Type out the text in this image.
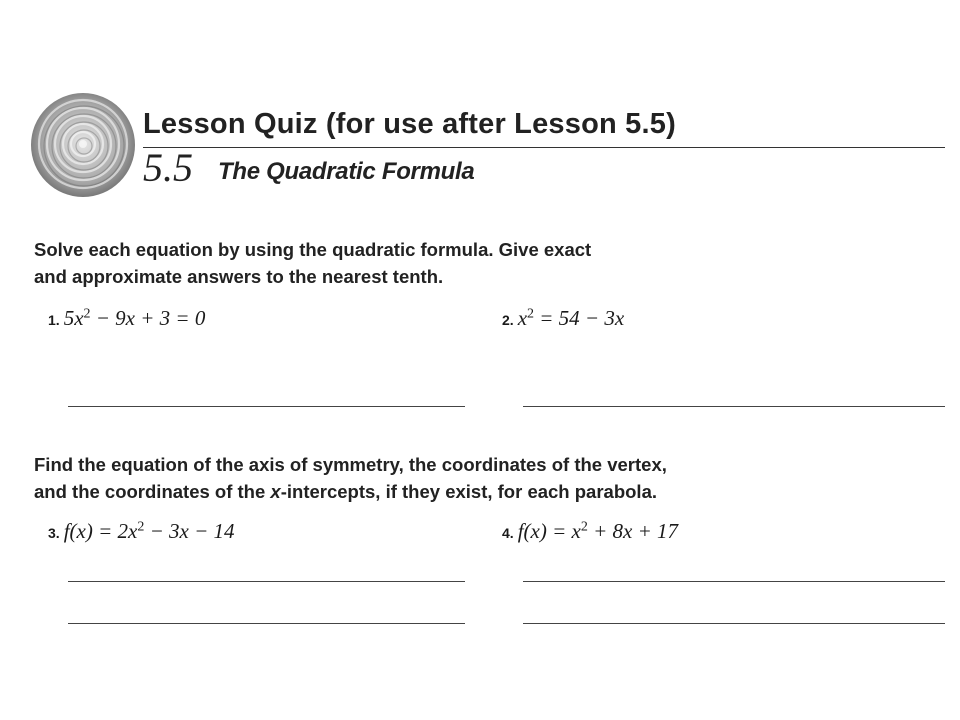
Lesson Quiz (for use after Lesson 5.5)
5.5 The Quadratic Formula
Solve each equation by using the quadratic formula. Give exact
and approximate answers to the nearest tenth.
1. $5x^2 - 9x + 3 = 0$	2. $x^2 = 54 - 3x$
Find the equation of the axis of symmetry, the coordinates of the vertex,
and the coordinates of the x-intercepts, if they exist, for each parabola.
3. $f(x) = 2x^2 - 3x - 14$	4. $f(x) = x^2 + 8x + 17$
